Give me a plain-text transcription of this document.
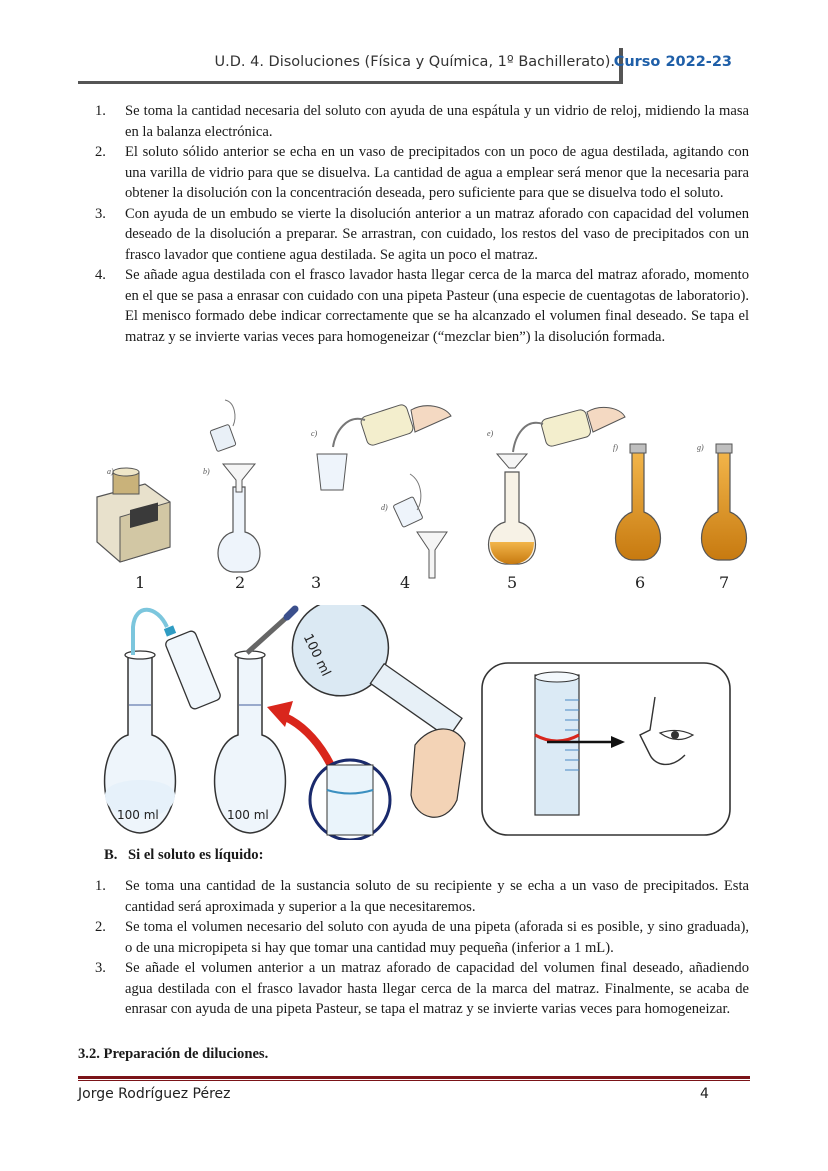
U.D. 4. Disoluciones (Física y Química, 1º Bachillerato).
Curso 2022-23
1. Se toma la cantidad necesaria del soluto con ayuda de una espátula y un vidrio de reloj, midiendo la masa en la balanza electrónica.
2. El soluto sólido anterior se echa en un vaso de precipitados con un poco de agua destilada, agitando con una varilla de vidrio para que se disuelva. La cantidad de agua a emplear será menor que la necesaria para obtener la disolución con la concentración deseada, pero suficiente para que se disuelva todo el soluto.
3. Con ayuda de un embudo se vierte la disolución anterior a un matraz aforado con capacidad del volumen deseado de la disolución a preparar. Se arrastran, con cuidado, los restos del vaso de precipitados con un frasco lavador que contiene agua destilada. Se agita un poco el matraz.
4. Se añade agua destilada con el frasco lavador hasta llegar cerca de la marca del matraz aforado, momento en el que se pasa a enrasar con cuidado con una pipeta Pasteur (una especie de cuentagotas de laboratorio). El menisco formado debe indicar correctamente que se ha alcanzado el volumen final deseado. Se tapa el matraz y se invierte varias veces para homogeneizar (“mezclar bien”) la disolución formada.
a)	b)
c)
d)
e)
f)	g)
1	2	3	4	5	6	7
100 ml	100 ml
100 ml
B. Si el soluto es líquido:
1. Se toma una cantidad de la sustancia soluto de su recipiente y se echa a un vaso de precipitados. Esta cantidad será aproximada y superior a la que necesitaremos.
2. Se toma el volumen necesario del soluto con ayuda de una pipeta (aforada si es posible, y sino graduada), o de una micropipeta si hay que tomar una cantidad muy pequeña (inferior a 1 mL).
3. Se añade el volumen anterior a un matraz aforado de capacidad del volumen final deseado, añadiendo agua destilada con el frasco lavador hasta llegar cerca de la marca del matraz. Finalmente, se acaba de enrasar con ayuda de una pipeta Pasteur, se tapa el matraz y se invierte varias veces para homogeneizar.
3.2. Preparación de diluciones.
Jorge Rodríguez Pérez	4
